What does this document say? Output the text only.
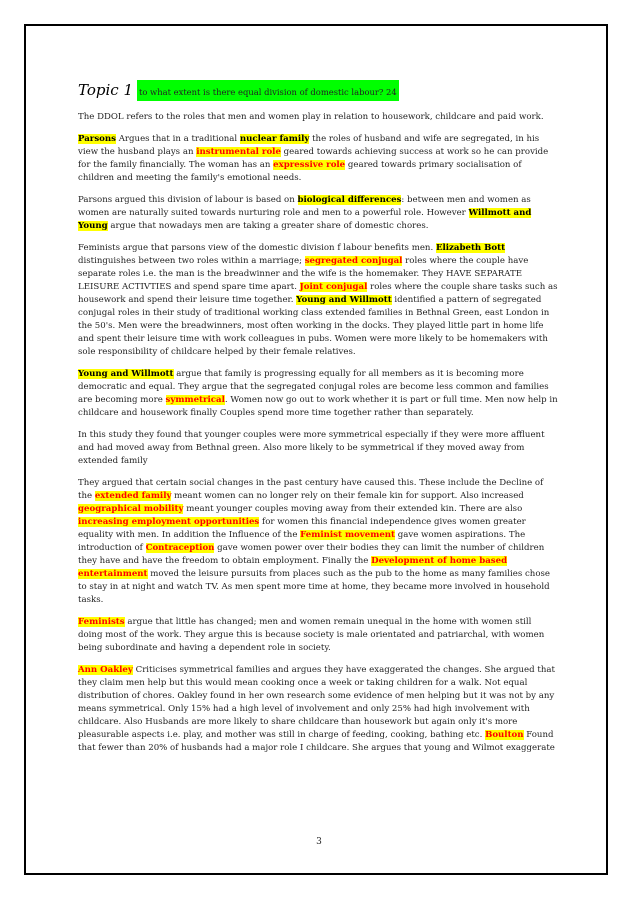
Topic 1 to what extent is there equal division of domestic labour? 24

The DDOL refers to the roles that men and women play in relation to housework, childcare and paid work.

Parsons Argues that in a traditional nuclear family the roles of husband and wife are segregated, in his view the husband plays an instrumental role geared towards achieving success at work so he can provide for the family financially. The woman has an expressive role geared towards primary socialisation of children and meeting the family's emotional needs.

Parsons argued this division of labour is based on biological differences: between men and women as women are naturally suited towards nurturing role and men to a powerful role. However Willmott and Young argue that nowadays men are taking a greater share of domestic chores.

Feminists argue that parsons view of the domestic division f labour benefits men. Elizabeth Bott distinguishes between two roles within a marriage; segregated conjugal roles where the couple have separate roles i.e. the man is the breadwinner and the wife is the homemaker. They HAVE SEPARATE LEISURE ACTIVTIES and spend spare time apart. Joint conjugal roles where the couple share tasks such as housework and spend their leisure time together. Young and Willmott identified a pattern of segregated conjugal roles in their study of traditional working class extended families in Bethnal Green, east London in the 50's. Men were the breadwinners, most often working in the docks. They played little part in home life and spent their leisure time with work colleagues in pubs. Women were more likely to be homemakers with sole responsibility of childcare helped by their female relatives.

Young and Willmott argue that family is progressing equally for all members as it is becoming more democratic and equal. They argue that the segregated conjugal roles are become less common and families are becoming more symmetrical. Women now go out to work whether it is part or full time. Men now help in childcare and housework finally Couples spend more time together rather than separately.

In this study they found that younger couples were more symmetrical especially if they were more affluent and had moved away from Bethnal green. Also more likely to be symmetrical if they moved away from extended family

They argued that certain social changes in the past century have caused this. These include the Decline of the extended family meant women can no longer rely on their female kin for support. Also increased geographical mobility meant younger couples moving away from their extended kin. There are also increasing employment opportunities for women this financial independence gives women greater equality with men. In addition the Influence of the Feminist movement gave women aspirations. The introduction of Contraception gave women power over their bodies they can limit the number of children they have and have the freedom to obtain employment. Finally the Development of home based entertainment moved the leisure pursuits from places such as the pub to the home as many families chose to stay in at night and watch TV. As men spent more time at home, they became more involved in household tasks.

Feminists argue that little has changed; men and women remain unequal in the home with women still doing most of the work. They argue this is because society is male orientated and patriarchal, with women being subordinate and having a dependent role in society.

Ann Oakley Criticises symmetrical families and argues they have exaggerated the changes. She argued that they claim men help but this would mean cooking once a week or taking children for a walk. Not equal distribution of chores. Oakley found in her own research some evidence of men helping but it was not by any means symmetrical. Only 15% had a high level of involvement and only 25% had high involvement with childcare. Also Husbands are more likely to share childcare than housework but again only it's more pleasurable aspects i.e. play, and mother was still in charge of feeding, cooking, bathing etc. Boulton Found that fewer than 20% of husbands had a major role I childcare. She argues that young and Wilmot exaggerate

3
